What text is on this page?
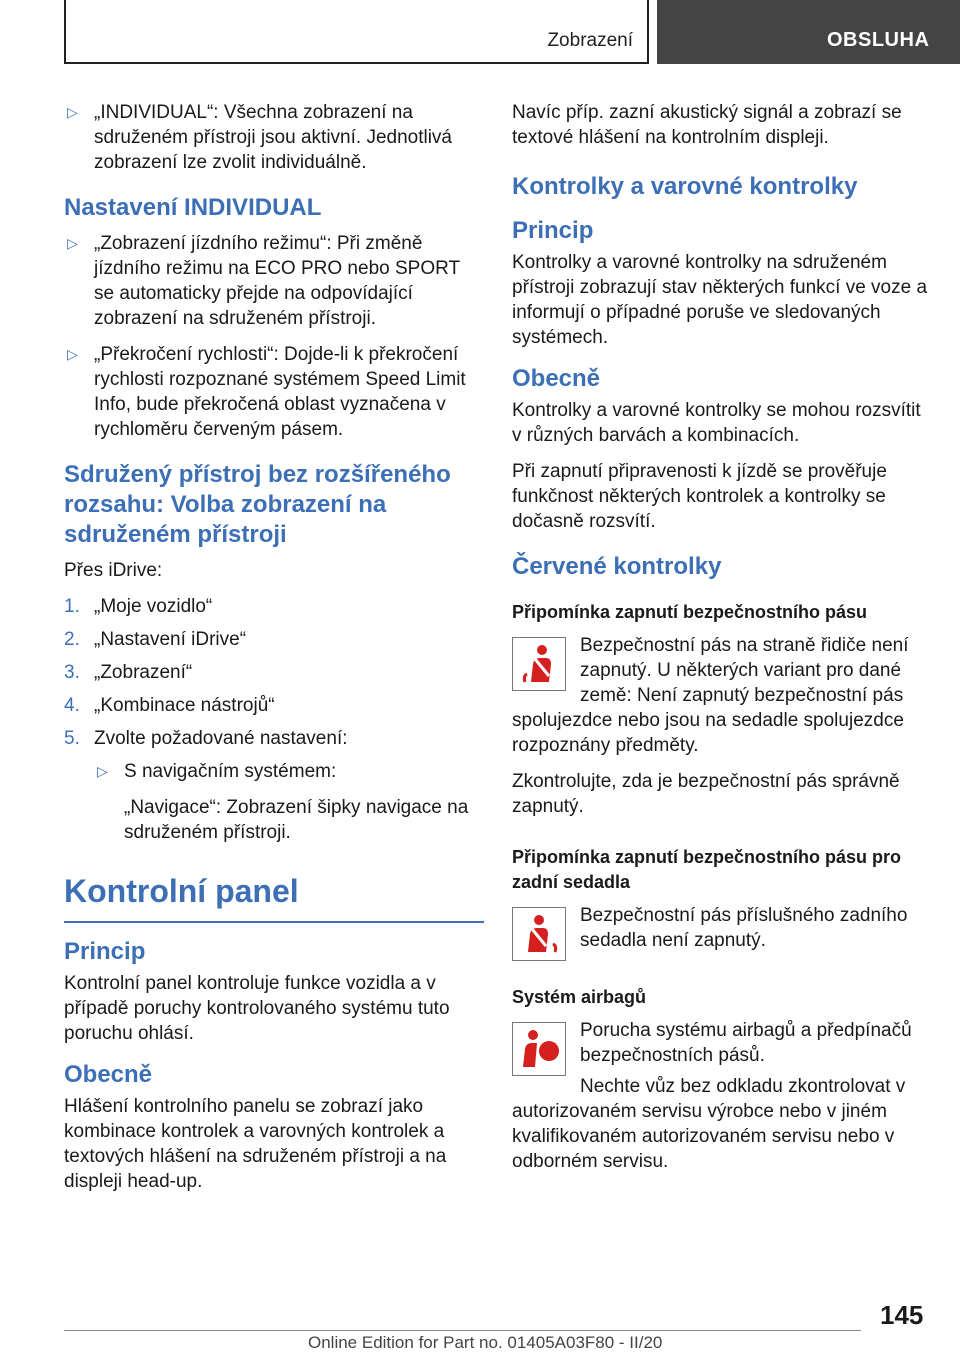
Zobrazení	OBSLUHA
▷ „INDIVIDUAL“: Všechna zobrazení na sdruženém přístroji jsou aktivní. Jednotlivá zobrazení lze zvolit individuálně.
Nastavení INDIVIDUAL
▷ „Zobrazení jízdního režimu“: Při změně jízdního režimu na ECO PRO nebo SPORT se automaticky přejde na odpovídající zobrazení na sdruženém přístroji.
▷ „Překročení rychlosti“: Dojde-li k překročení rychlosti rozpoznané systémem Speed Limit Info, bude překročená oblast vyznačena v rychloměru červeným pásem.
Sdružený přístroj bez rozšířeného rozsahu: Volba zobrazení na sdruženém přístroji

Přes iDrive:

1. „Moje vozidlo“
2. „Nastavení iDrive“
3. „Zobrazení“
4. „Kombinace nástrojů“
5. Zvolte požadované nastavení:
▷ S navigačním systémem:
„Navigace“: Zobrazení šipky navigace na sdruženém přístroji.
Kontrolní panel
Princip

Kontrolní panel kontroluje funkce vozidla a v případě poruchy kontrolovaného systému tuto poruchu ohlásí.

Obecně

Hlášení kontrolního panelu se zobrazí jako kombinace kontrolek a varovných kontrolek a textových hlášení na sdruženém přístroji a na displeji head-up.

Navíc příp. zazní akustický signál a zobrazí se textové hlášení na kontrolním displeji.

Kontrolky a varovné kontrolky
Princip

Kontrolky a varovné kontrolky na sdruženém přístroji zobrazují stav některých funkcí ve voze a informují o případné poruše ve sledovaných systémech.

Obecně

Kontrolky a varovné kontrolky se mohou rozsvítit v různých barvách a kombinacích.

Při zapnutí připravenosti k jízdě se prověřuje funkčnost některých kontrolek a kontrolky se dočasně rozsvítí.

Červené kontrolky
Připomínka zapnutí bezpečnostního pásu

Bezpečnostní pás na straně řidiče není zapnutý. U některých variant pro dané země: Není zapnutý bezpečnostní pás spolujezdce nebo jsou na sedadle spolujezdce rozpoznány předměty.

Zkontrolujte, zda je bezpečnostní pás správně zapnutý.

Připomínka zapnutí bezpečnostního pásu pro zadní sedadla

Bezpečnostní pás příslušného zadního sedadla není zapnutý.

Systém airbagů

Porucha systému airbagů a předpínačů bezpečnostních pásů.

Nechte vůz bez odkladu zkontrolovat v autorizovaném servisu výrobce nebo v jiném kvalifikovaném autorizovaném servisu nebo v odborném servisu.

145
Online Edition for Part no. 01405A03F80 - II/20
